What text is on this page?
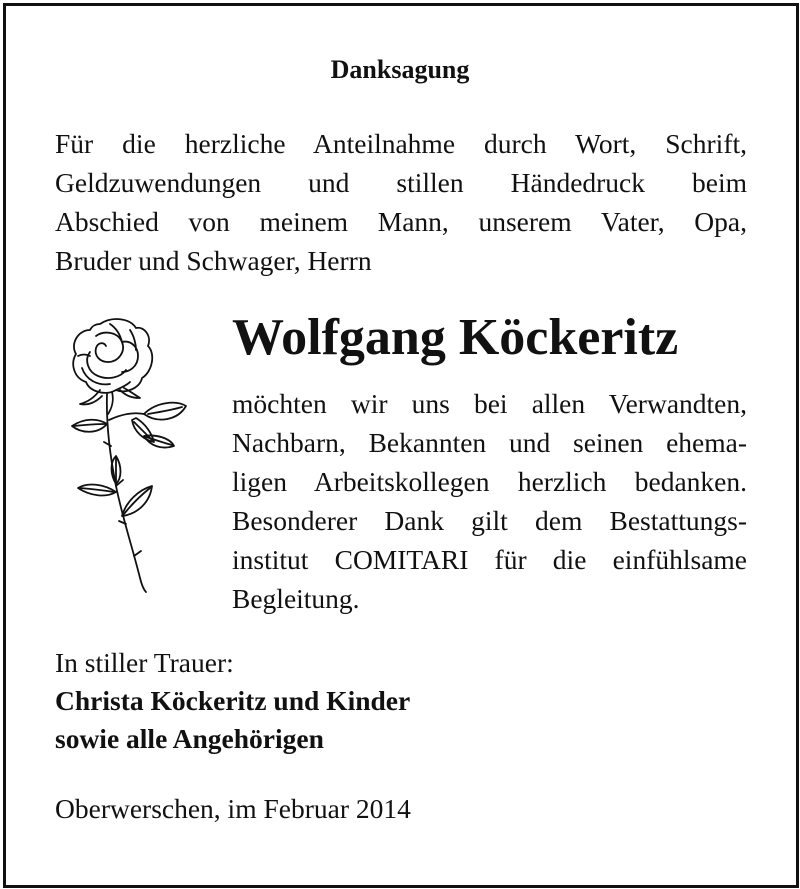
Danksagung
Für die herzliche Anteilnahme durch Wort, Schrift,
Geldzuwendungen und stillen Händedruck beim
Abschied von meinem Mann, unserem Vater, Opa,
Bruder und Schwager, Herrn
Wolfgang Köckeritz
möchten wir uns bei allen Verwandten,
Nachbarn, Bekannten und seinen ehema-
ligen Arbeitskollegen herzlich bedanken.
Besonderer Dank gilt dem Bestattungs-
institut COMITARI für die einfühlsame
Begleitung.
In stiller Trauer:
Christa Köckeritz und Kinder
sowie alle Angehörigen
Oberwerschen, im Februar 2014
